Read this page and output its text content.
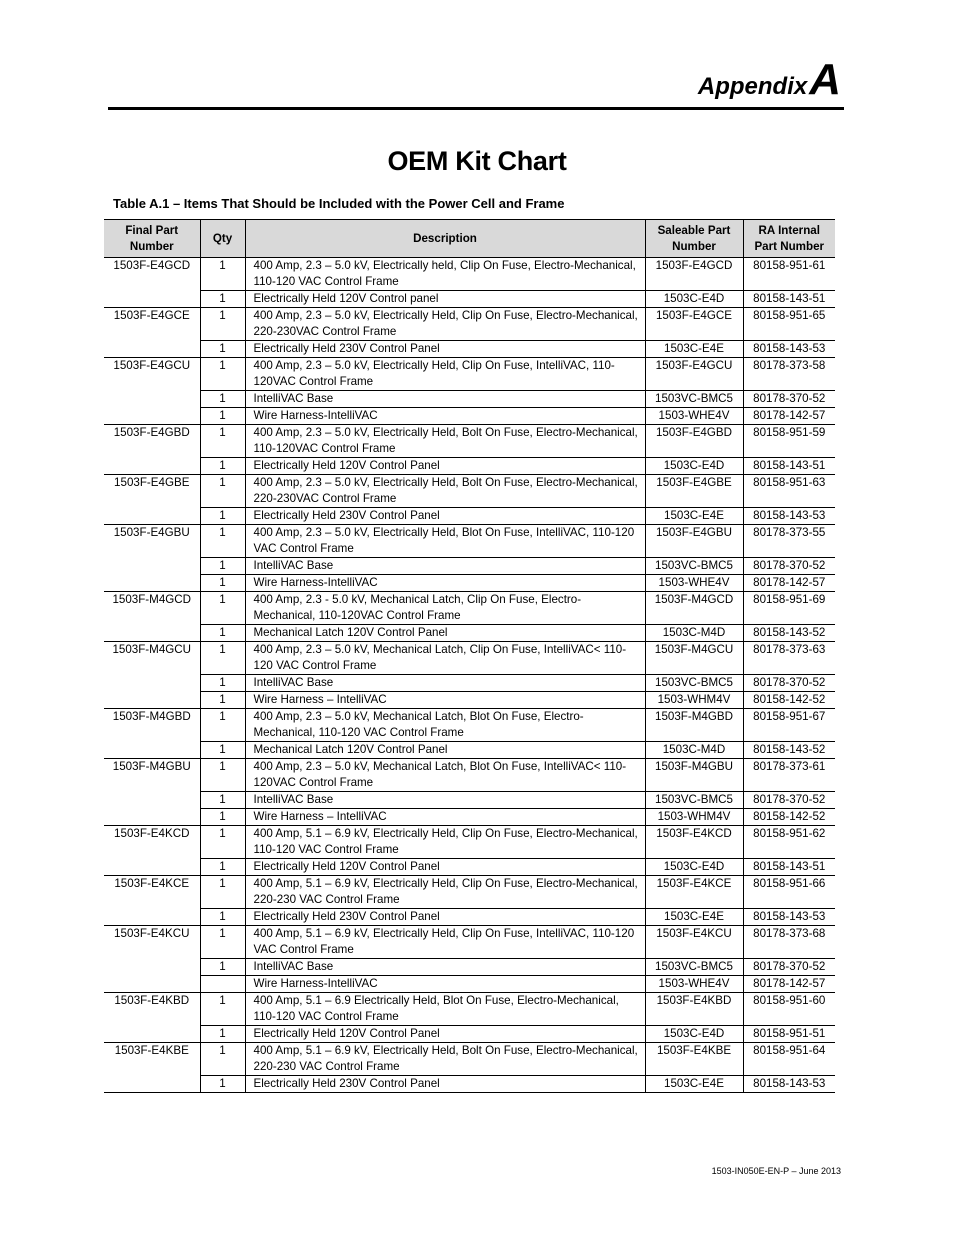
AppendixA
OEM Kit Chart
Table A.1 – Items That Should be Included with the Power Cell and Frame
Final Part Number	Qty	Description	Saleable Part Number	RA Internal Part Number
1503F-E4GCD	1	400 Amp, 2.3 – 5.0 kV, Electrically held, Clip On Fuse, Electro-Mechanical, 110-120 VAC Control Frame	1503F-E4GCD	80158-951-61
	1	Electrically Held 120V Control panel	1503C-E4D	80158-143-51
1503F-E4GCE	1	400 Amp, 2.3 – 5.0 kV, Electrically Held, Clip On Fuse, Electro-Mechanical, 220-230VAC Control Frame	1503F-E4GCE	80158-951-65
	1	Electrically Held 230V Control Panel	1503C-E4E	80158-143-53
1503F-E4GCU	1	400 Amp, 2.3 – 5.0 kV, Electrically Held, Clip On Fuse, IntelliVAC, 110-120VAC Control Frame	1503F-E4GCU	80178-373-58
	1	IntelliVAC Base	1503VC-BMC5	80178-370-52
	1	Wire Harness-IntelliVAC	1503-WHE4V	80178-142-57
1503F-E4GBD	1	400 Amp, 2.3 – 5.0 kV, Electrically Held, Bolt On Fuse, Electro-Mechanical, 110-120VAC Control Frame	1503F-E4GBD	80158-951-59
	1	Electrically Held 120V Control Panel	1503C-E4D	80158-143-51
1503F-E4GBE	1	400 Amp, 2.3 – 5.0 kV, Electrically Held, Bolt On Fuse, Electro-Mechanical, 220-230VAC Control Frame	1503F-E4GBE	80158-951-63
	1	Electrically Held 230V Control Panel	1503C-E4E	80158-143-53
1503F-E4GBU	1	400 Amp, 2.3 – 5.0 kV, Electrically Held, Blot On Fuse, IntelliVAC, 110-120 VAC Control Frame	1503F-E4GBU	80178-373-55
	1	IntelliVAC Base	1503VC-BMC5	80178-370-52
	1	Wire Harness-IntelliVAC	1503-WHE4V	80178-142-57
1503F-M4GCD	1	400 Amp, 2.3 - 5.0 kV, Mechanical Latch, Clip On Fuse, Electro-Mechanical, 110-120VAC Control Frame	1503F-M4GCD	80158-951-69
	1	Mechanical Latch 120V Control Panel	1503C-M4D	80158-143-52
1503F-M4GCU	1	400 Amp, 2.3 – 5.0 kV, Mechanical Latch, Clip On Fuse, IntelliVAC< 110-120 VAC Control Frame	1503F-M4GCU	80178-373-63
	1	IntelliVAC Base	1503VC-BMC5	80178-370-52
	1	Wire Harness – IntelliVAC	1503-WHM4V	80158-142-52
1503F-M4GBD	1	400 Amp, 2.3 – 5.0 kV, Mechanical Latch, Blot On Fuse, Electro-Mechanical, 110-120 VAC Control Frame	1503F-M4GBD	80158-951-67
	1	Mechanical Latch 120V Control Panel	1503C-M4D	80158-143-52
1503F-M4GBU	1	400 Amp, 2.3 – 5.0 kV, Mechanical Latch, Blot On Fuse, IntelliVAC< 110-120VAC Control Frame	1503F-M4GBU	80178-373-61
	1	IntelliVAC Base	1503VC-BMC5	80178-370-52
	1	Wire Harness – IntelliVAC	1503-WHM4V	80158-142-52
1503F-E4KCD	1	400 Amp, 5.1 – 6.9 kV, Electrically Held, Clip On Fuse, Electro-Mechanical, 110-120 VAC Control Frame	1503F-E4KCD	80158-951-62
	1	Electrically Held 120V Control Panel	1503C-E4D	80158-143-51
1503F-E4KCE	1	400 Amp, 5.1 – 6.9 kV, Electrically Held, Clip On Fuse, Electro-Mechanical, 220-230 VAC Control Frame	1503F-E4KCE	80158-951-66
	1	Electrically Held 230V Control Panel	1503C-E4E	80158-143-53
1503F-E4KCU	1	400 Amp, 5.1 – 6.9 kV, Electrically Held, Clip On Fuse, IntelliVAC, 110-120 VAC Control Frame	1503F-E4KCU	80178-373-68
	1	IntelliVAC Base	1503VC-BMC5	80178-370-52
		Wire Harness-IntelliVAC	1503-WHE4V	80178-142-57
1503F-E4KBD	1	400 Amp, 5.1 – 6.9 Electrically Held, Blot On Fuse, Electro-Mechanical, 110-120 VAC Control Frame	1503F-E4KBD	80158-951-60
	1	Electrically Held 120V Control Panel	1503C-E4D	80158-951-51
1503F-E4KBE	1	400 Amp, 5.1 – 6.9 kV, Electrically Held, Bolt On Fuse, Electro-Mechanical, 220-230 VAC Control Frame	1503F-E4KBE	80158-951-64
	1	Electrically Held 230V Control Panel	1503C-E4E	80158-143-53
1503-IN050E-EN-P – June 2013
